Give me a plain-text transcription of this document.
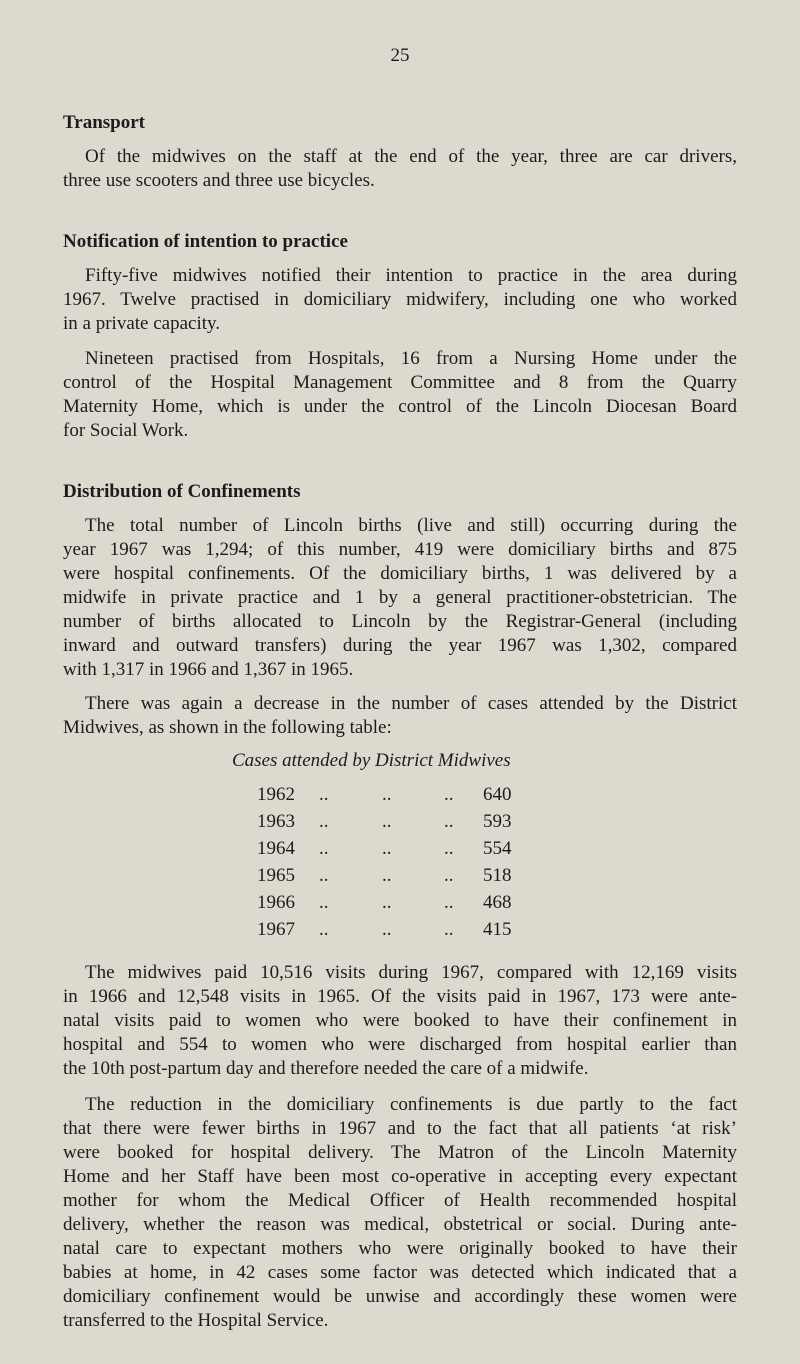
25
Transport
Of the midwives on the staff at the end of the year, three are car drivers,
three use scooters and three use bicycles.
Notification of intention to practice
Fifty-five midwives notified their intention to practice in the area during
1967. Twelve practised in domiciliary midwifery, including one who worked
in a private capacity.
Nineteen practised from Hospitals, 16 from a Nursing Home under the
control of the Hospital Management Committee and 8 from the Quarry
Maternity Home, which is under the control of the Lincoln Diocesan Board
for Social Work.
Distribution of Confinements
The total number of Lincoln births (live and still) occurring during the
year 1967 was 1,294; of this number, 419 were domiciliary births and 875
were hospital confinements. Of the domiciliary births, 1 was delivered by a
midwife in private practice and 1 by a general practitioner-obstetrician. The
number of births allocated to Lincoln by the Registrar-General (including
inward and outward transfers) during the year 1967 was 1,302, compared
with 1,317 in 1966 and 1,367 in 1965.
There was again a decrease in the number of cases attended by the District
Midwives, as shown in the following table:
Cases attended by District Midwives
1962 ..	..	.. 640
1963 ..	..	.. 593
1964 ..	..	.. 554
1965 ..	..	.. 518
1966 ..	..	.. 468
1967 ..	..	.. 415
The midwives paid 10,516 visits during 1967, compared with 12,169 visits
in 1966 and 12,548 visits in 1965. Of the visits paid in 1967, 173 were ante-
natal visits paid to women who were booked to have their confinement in
hospital and 554 to women who were discharged from hospital earlier than
the 10th post-partum day and therefore needed the care of a midwife.
The reduction in the domiciliary confinements is due partly to the fact
that there were fewer births in 1967 and to the fact that all patients ‘at risk’
were booked for hospital delivery. The Matron of the Lincoln Maternity
Home and her Staff have been most co-operative in accepting every expectant
mother for whom the Medical Officer of Health recommended hospital
delivery, whether the reason was medical, obstetrical or social. During ante-
natal care to expectant mothers who were originally booked to have their
babies at home, in 42 cases some factor was detected which indicated that a
domiciliary confinement would be unwise and accordingly these women were
transferred to the Hospital Service.
